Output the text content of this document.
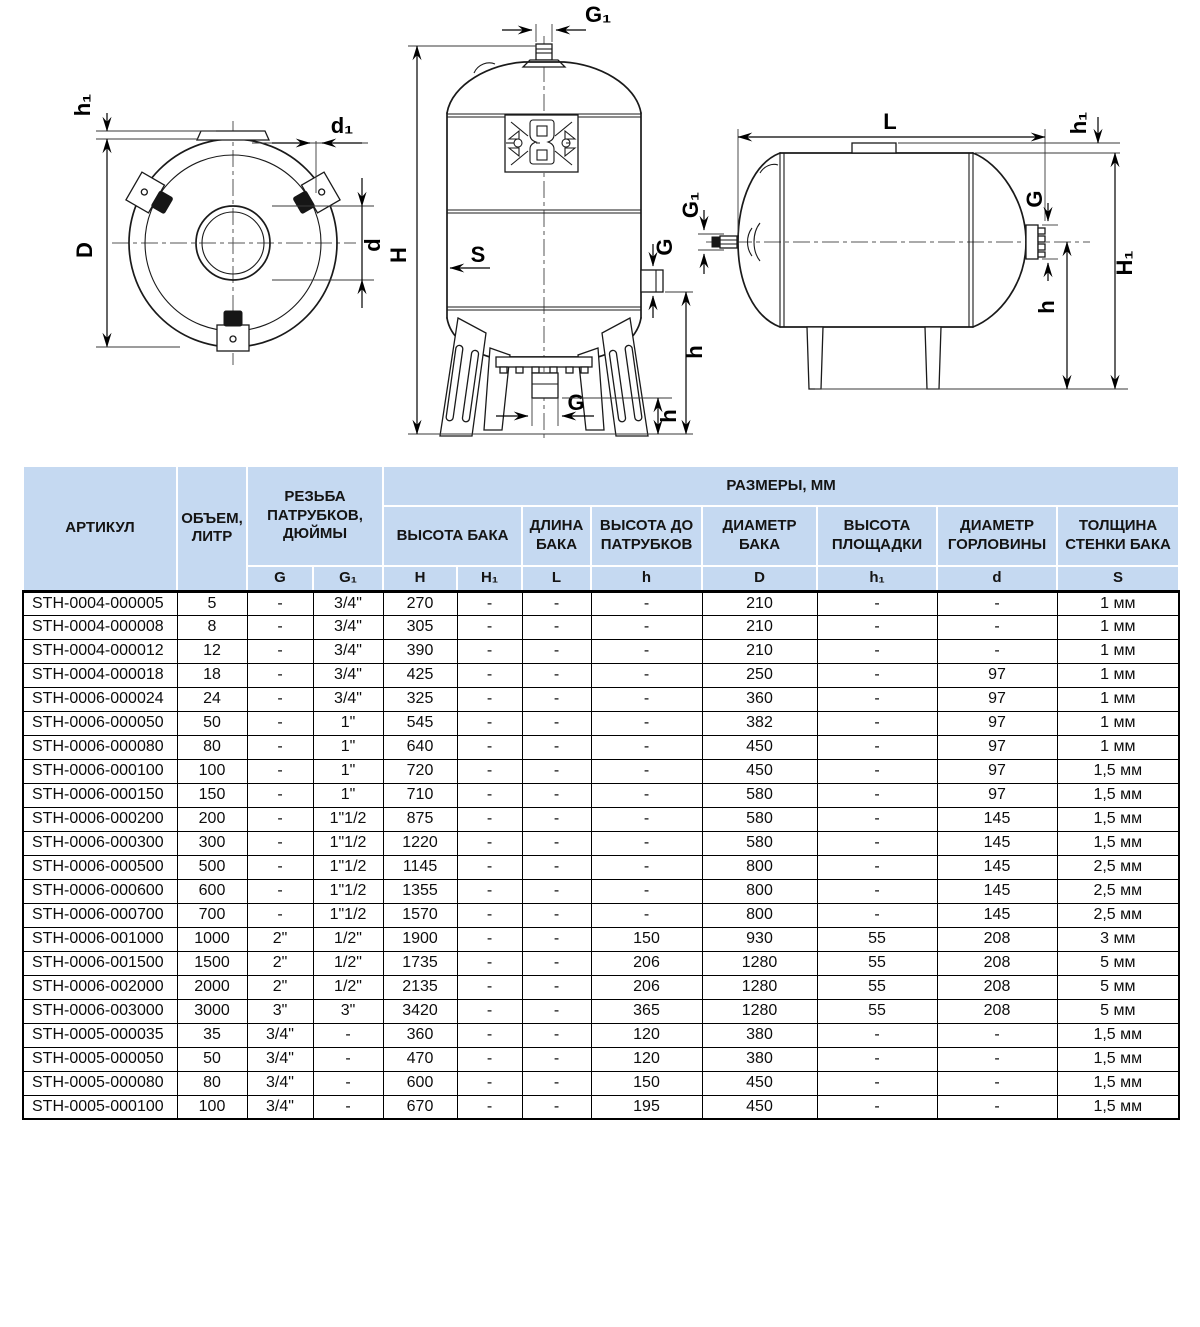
h₁
D
d₁
d
G₁
H	S	G
h
G
h
L	h₁
H₁
h
G
G₁
АРТИКУЛ	ОБЪЕМ, ЛИТР	РЕЗЬБА ПАТРУБКОВ, ДЮЙМЫ		РАЗМЕРЫ, ММ							
				ВЫСОТА БАКА		ДЛИНА БАКА	ВЫСОТА ДО ПАТРУБКОВ	ДИАМЕТР БАКА	ВЫСОТА ПЛОЩАДКИ	ДИАМЕТР ГОРЛОВИНЫ	ТОЛЩИНА СТЕНКИ БАКА
		G	G₁	H	H₁	L	h	D	h₁	d	S
STH-0004-000005	5	-	3/4"	270	-	-	-	210	-	-	1 мм
STH-0004-000008	8	-	3/4"	305	-	-	-	210	-	-	1 мм
STH-0004-000012	12	-	3/4"	390	-	-	-	210	-	-	1 мм
STH-0004-000018	18	-	3/4"	425	-	-	-	250	-	97	1 мм
STH-0006-000024	24	-	3/4"	325	-	-	-	360	-	97	1 мм
STH-0006-000050	50	-	1"	545	-	-	-	382	-	97	1 мм
STH-0006-000080	80	-	1"	640	-	-	-	450	-	97	1 мм
STH-0006-000100	100	-	1"	720	-	-	-	450	-	97	1,5 мм
STH-0006-000150	150	-	1"	710	-	-	-	580	-	97	1,5 мм
STH-0006-000200	200	-	1"1/2	875	-	-	-	580	-	145	1,5 мм
STH-0006-000300	300	-	1"1/2	1220	-	-	-	580	-	145	1,5 мм
STH-0006-000500	500	-	1"1/2	1145	-	-	-	800	-	145	2,5 мм
STH-0006-000600	600	-	1"1/2	1355	-	-	-	800	-	145	2,5 мм
STH-0006-000700	700	-	1"1/2	1570	-	-	-	800	-	145	2,5 мм
STH-0006-001000	1000	2"	1/2"	1900	-	-	150	930	55	208	3 мм
STH-0006-001500	1500	2"	1/2"	1735	-	-	206	1280	55	208	5 мм
STH-0006-002000	2000	2"	1/2"	2135	-	-	206	1280	55	208	5 мм
STH-0006-003000	3000	3"	3"	3420	-	-	365	1280	55	208	5 мм
STH-0005-000035	35	3/4"	-	360	-	-	120	380	-	-	1,5 мм
STH-0005-000050	50	3/4"	-	470	-	-	120	380	-	-	1,5 мм
STH-0005-000080	80	3/4"	-	600	-	-	150	450	-	-	1,5 мм
STH-0005-000100	100	3/4"	-	670	-	-	195	450	-	-	1,5 мм
